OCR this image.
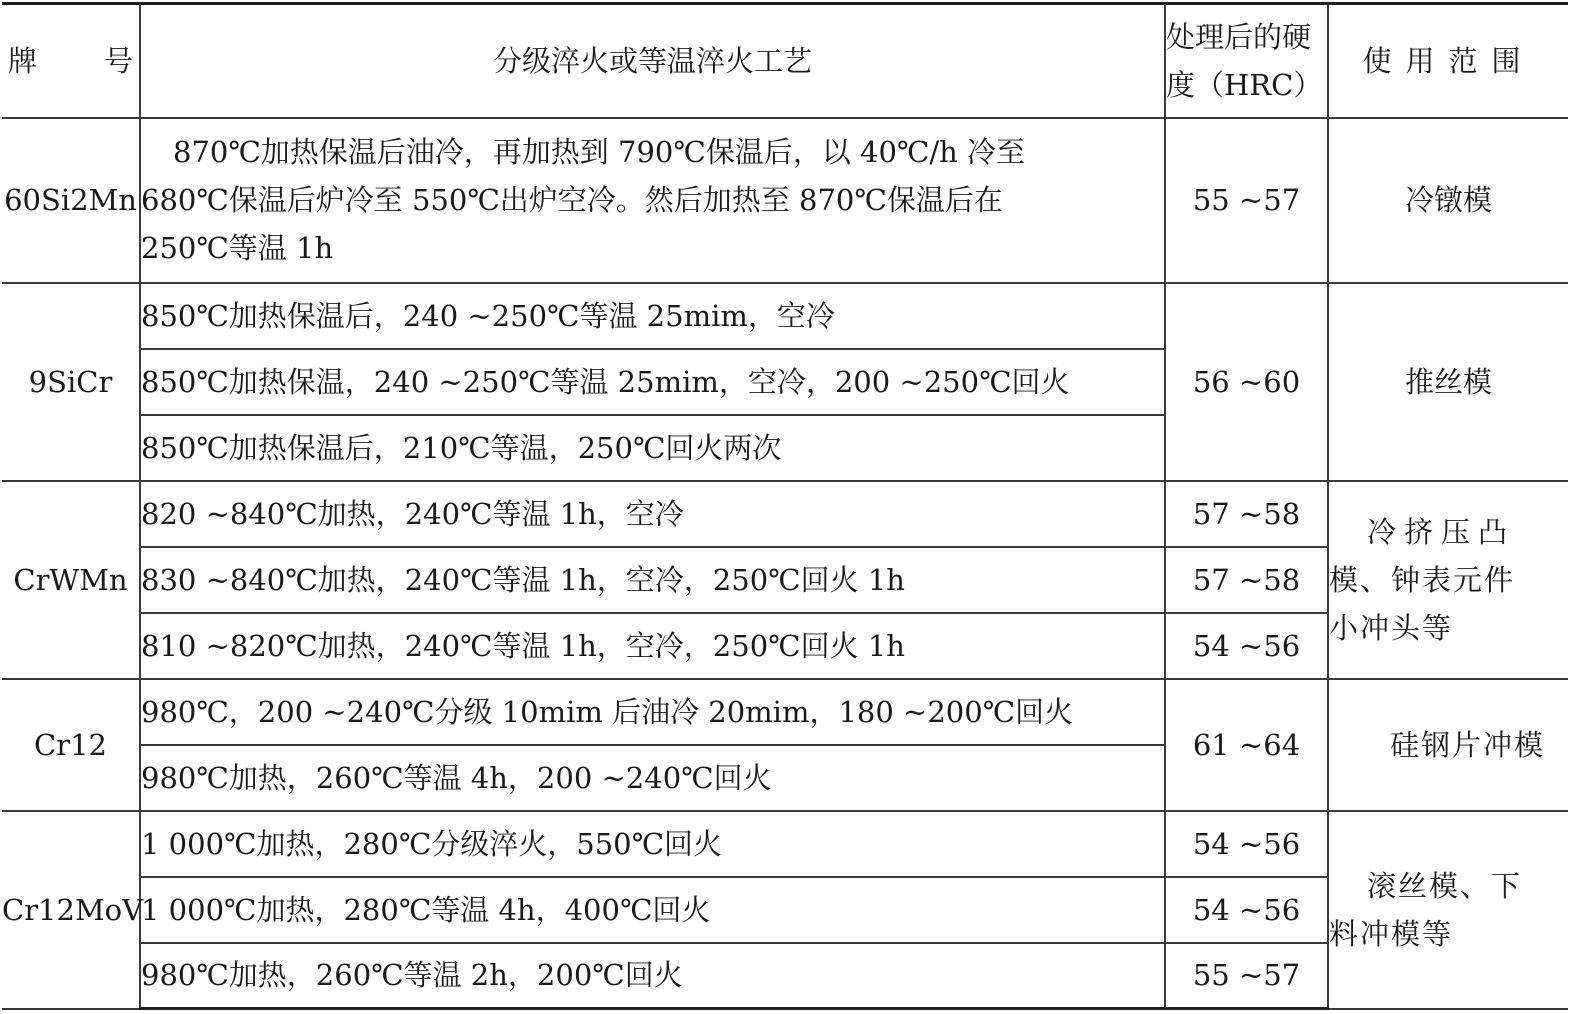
牌 号	分级淬火或等温淬火工艺	处理后的硬
度（HRC）	使用范围
60Si2Mn	870℃加热保温后油冷，再加热到 790℃保温后，以 40℃/h 冷至
680℃保温后炉冷至 550℃出炉空冷。然后加热至 870℃保温后在
250℃等温 1h	55 ~57	冷镦模
9SiCr	850℃加热保温后，240 ~250℃等温 25mim，空冷	56 ~60	推丝模
	850℃加热保温，240 ~250℃等温 25mim，空冷，200 ~250℃回火		
	850℃加热保温后，210℃等温，250℃回火两次		
CrWMn	820 ~840℃加热，240℃等温 1h，空冷	57 ~58	冷挤压凸
模、钟表元件
小冲头等

	830 ~840℃加热，240℃等温 1h，空冷，250℃回火 1h	57 ~58	
	810 ~820℃加热，240℃等温 1h，空冷，250℃回火 1h	54 ~56	
Cr12	980℃，200 ~240℃分级 10mim 后油冷 20mim，180 ~200℃回火	61 ~64	硅钢片冲模
	980℃加热，260℃等温 4h，200 ~240℃回火		
Cr12MoV	1 000℃加热，280℃分级淬火，550℃回火	54 ~56	滚丝模、下
料冲模等

	1 000℃加热，280℃等温 4h，400℃回火	54 ~56	
	980℃加热，260℃等温 2h，200℃回火	55 ~57	
